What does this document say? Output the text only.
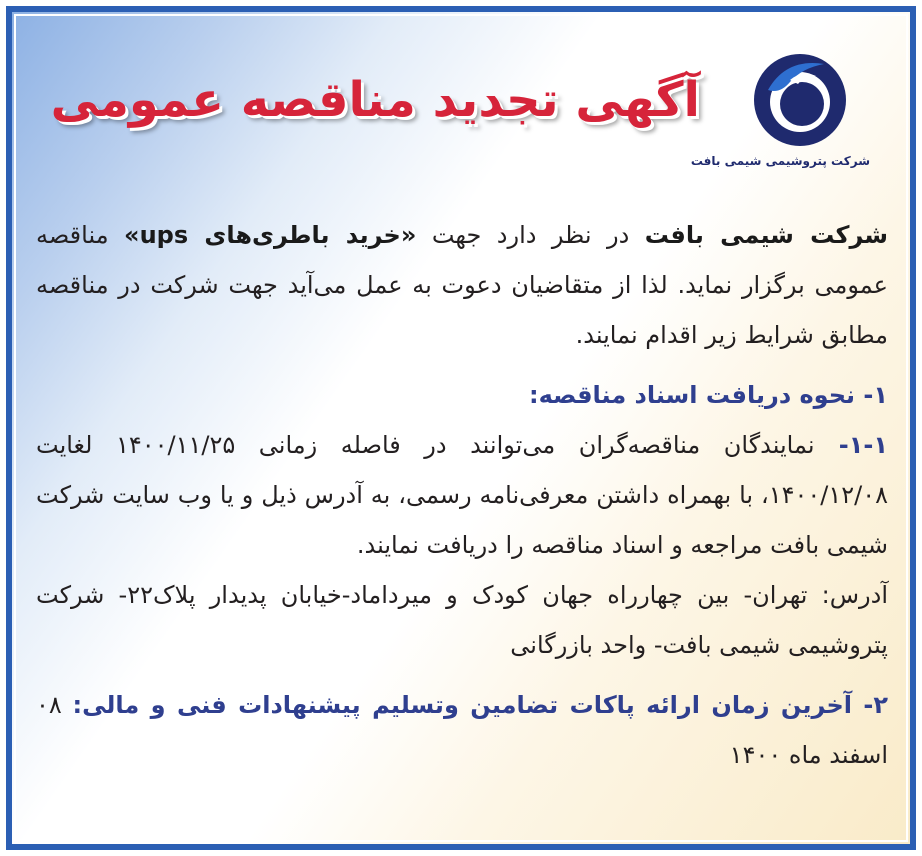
شرکت پتروشیمی شیمی بافت
آگهی تجدید مناقصه عمومی

شرکت شیمی بافت در نظر دارد جهت «خرید باطری‌های ups» مناقصه عمومی برگزار نماید. لذا از متقاضیان دعوت به عمل می‌آید جهت شرکت در مناقصه مطابق شرایط زیر اقدام نمایند.

۱- نحوه دریافت اسناد مناقصه:

۱-۱- نمایندگان مناقصه‌گران می‌توانند در فاصله زمانی ۱۴۰۰/۱۱/۲۵ لغایت ۱۴۰۰/۱۲/۰۸، با بهمراه داشتن معرفی‌نامه رسمی، به آدرس ذیل و یا وب سایت شرکت شیمی بافت مراجعه و اسناد مناقصه را دریافت نمایند.

آدرس: تهران- بین چهارراه جهان کودک و میرداماد-خیابان پدیدار پلاک۲۲- شرکت پتروشیمی شیمی بافت- واحد بازرگانی

۲- آخرین زمان ارائه پاکات تضامین وتسلیم پیشنهادات فنی و مالی: ۰۸ اسفند ماه ۱۴۰۰
